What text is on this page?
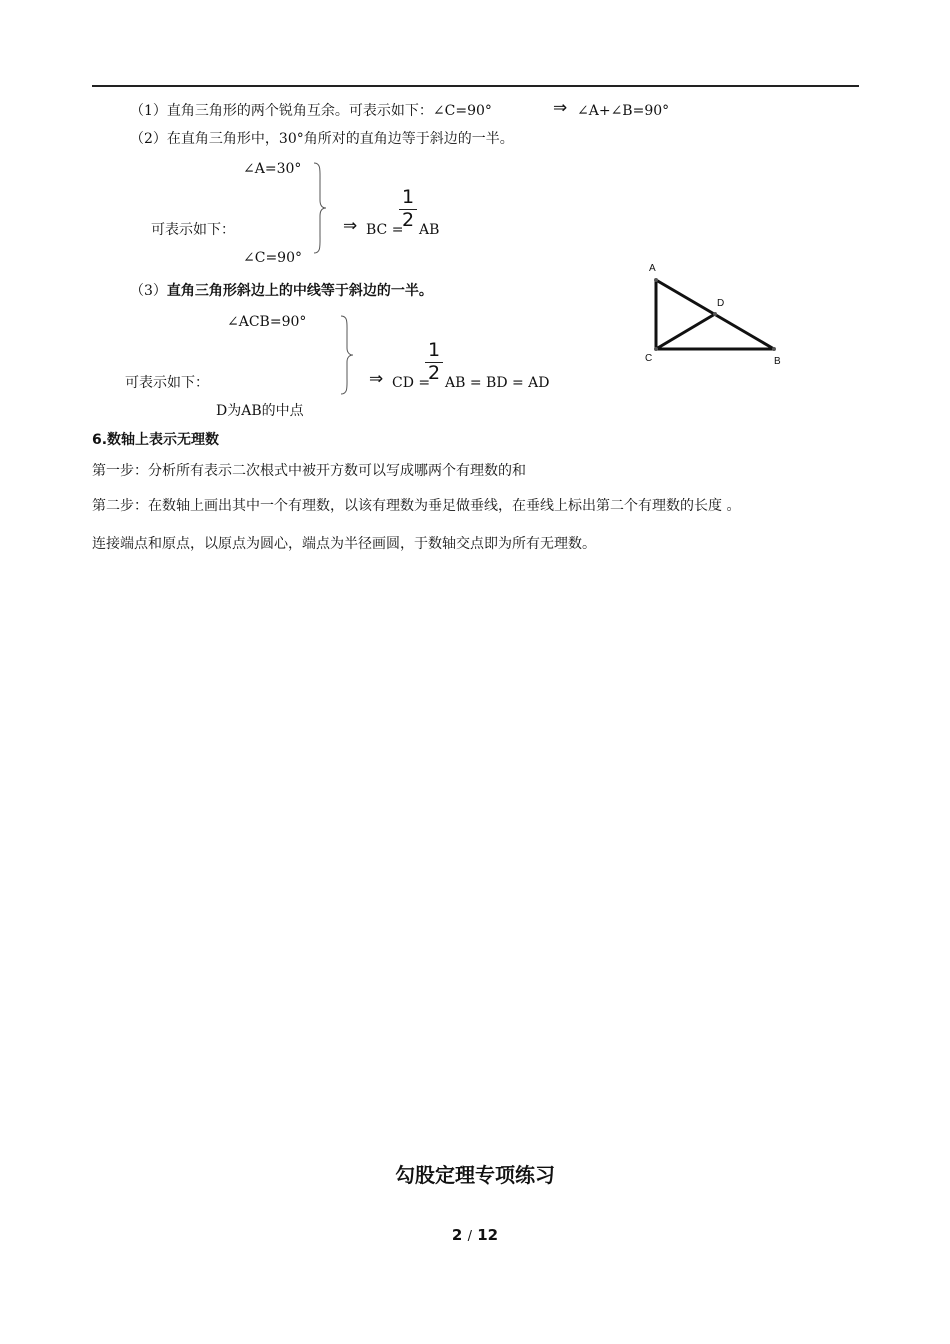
（1）直角三角形的两个锐角互余。可表示如下：∠C=90°	⇒ ∠A+∠B=90°
（2）在直角三角形中，30°角所对的直角边等于斜边的一半。
∠A=30°
可表示如下：
∠C=90°
⇒ BC =
1
2 AB
（3）直角三角形斜边上的中线等于斜边的一半。
∠ACB=90°
可表示如下：
D为AB的中点
⇒ CD =
1
2 AB = BD = AD
A
C	B
D
6.数轴上表示无理数
第一步：分析所有表示二次根式中被开方数可以写成哪两个有理数的和
第二步：在数轴上画出其中一个有理数，以该有理数为垂足做垂线，在垂线上标出第二个有理数的长度 。
连接端点和原点，以原点为圆心，端点为半径画圆，于数轴交点即为所有无理数。
勾股定理专项练习
2 / 12
